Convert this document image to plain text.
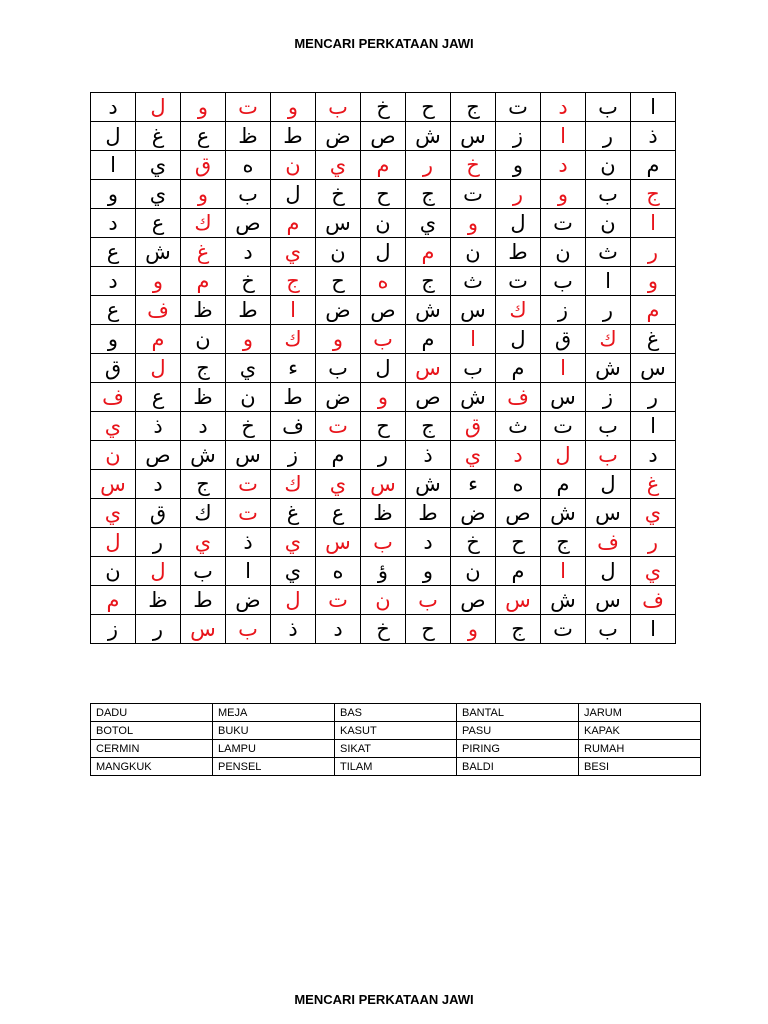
MENCARI PERKATAAN JAWI
ا	ب	د	ت	ج	ح	خ	ب	و	ت	و	ل	د
ذ	ر	ا	ز	س	ش	ص	ض	ط	ظ	ع	غ	ل
م	ن	د	و	خ	ر	م	ي	ن	ه	ق	ي	ا
ج	ب	و	ر	ت	ج	ح	خ	ل	ب	و	ي	و
ا	ن	ت	ل	و	ي	ن	س	م	ص	ك	ع	د
ر	ث	ن	ط	ن	م	ل	ن	ي	د	غ	ش	ع
و	ا	ب	ت	ث	ج	ه	ح	ج	خ	م	و	د
م	ر	ز	ك	س	ش	ص	ض	ا	ط	ظ	ف	ع
غ	ك	ق	ل	ا	م	ب	و	ك	و	ن	م	و
س	ش	ا	م	ب	س	ل	ب	ء	ي	ج	ل	ق
ر	ز	س	ف	ش	ص	و	ض	ط	ن	ظ	ع	ف
ا	ب	ت	ث	ق	ج	ح	ت	ف	خ	د	ذ	ي
د	ب	ل	د	ي	ذ	ر	م	ز	س	ش	ص	ن
غ	ل	م	ه	ء	ش	س	ي	ك	ت	ج	د	س
ي	س	ش	ص	ض	ط	ظ	ع	غ	ت	ك	ق	ي
ر	ف	ج	ح	خ	د	ب	س	ي	ذ	ي	ر	ل
ي	ل	ا	م	ن	و	ؤ	ه	ي	ا	ب	ل	ن
ف	س	ش	س	ص	ب	ن	ت	ل	ض	ط	ظ	م
ا	ب	ت	ج	و	ح	خ	د	ذ	ب	س	ر	ز
DADU	MEJA	BAS	BANTAL	JARUM
BOTOL	BUKU	KASUT	PASU	KAPAK
CERMIN	LAMPU	SIKAT	PIRING	RUMAH
MANGKUK	PENSEL	TILAM	BALDI	BESI
MENCARI PERKATAAN JAWI
